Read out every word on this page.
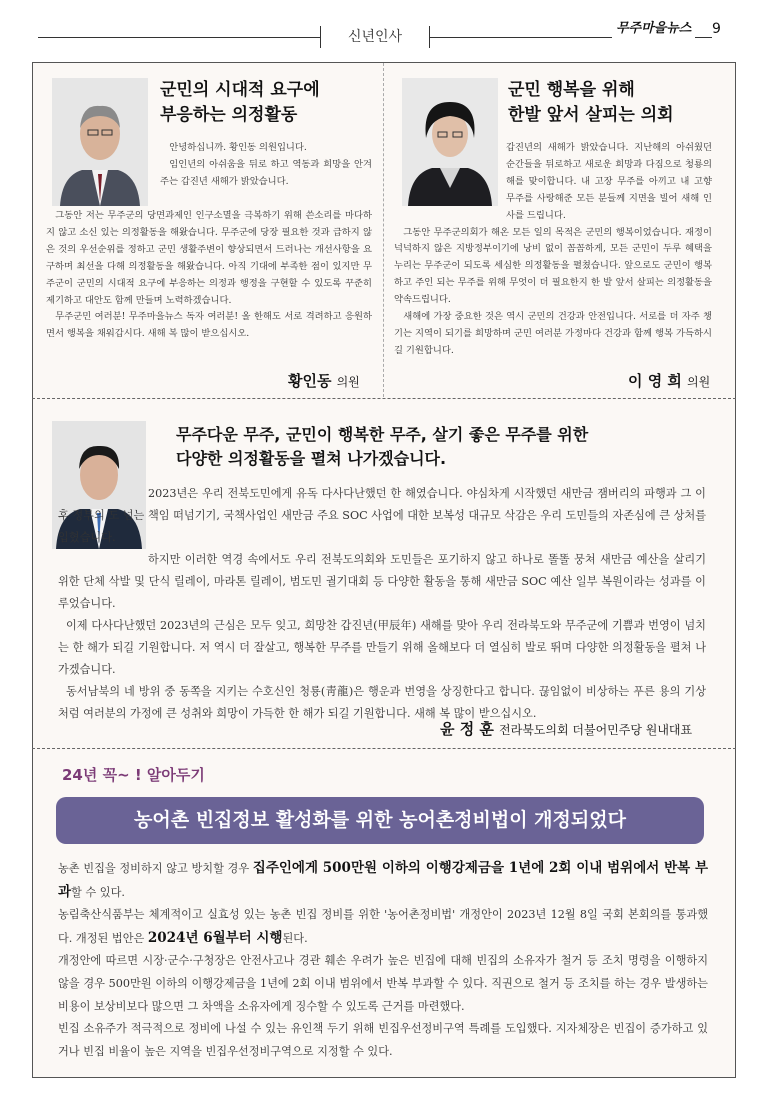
신년인사
무주마을뉴스 9
군민의 시대적 요구에
부응하는 의정활동

안녕하십니까. 황인동 의원입니다.

임인년의 아쉬움을 뒤로 하고 역동과 희망을 안겨주는 갑진년 새해가 밝았습니다.

그동안 저는 무주군의 당면과제인 인구소멸을 극복하기 위해 쓴소리를 마다하지 않고 소신 있는 의정활동을 해왔습니다. 무주군에 당장 필요한 것과 급하지 않은 것의 우선순위를 정하고 군민 생활주변이 향상되면서 드러나는 개선사항을 요구하며 최선을 다해 의정활동을 해왔습니다. 아직 기대에 부족한 점이 있지만 무주군이 군민의 시대적 요구에 부응하는 의정과 행정을 구현할 수 있도록 꾸준히 제기하고 대안도 함께 만들며 노력하겠습니다.

무주군민 여러분! 무주마을뉴스 독자 여러분! 올 한해도 서로 격려하고 응원하면서 행복을 채워갑시다. 새해 복 많이 받으십시오.

황인동 의원
군민 행복을 위해
한발 앞서 살피는 의회

갑진년의 새해가 밝았습니다. 지난해의 아쉬웠던 순간들을 뒤로하고 새로운 희망과 다짐으로 청룡의 해를 맞이합니다. 내 고장 무주를 아끼고 내 고향 무주를 사랑해준 모든 분들께 지면을 빌어 새해 인사를 드립니다.

그동안 무주군의회가 해온 모든 일의 목적은 군민의 행복이었습니다. 재정이 넉넉하지 않은 지방정부이기에 낭비 없이 꼼꼼하게, 모든 군민이 두루 혜택을 누리는 무주군이 되도록 세심한 의정활동을 펼쳤습니다. 앞으로도 군민이 행복하고 주인 되는 무주를 위해 무엇이 더 필요한지 한 발 앞서 살피는 의정활동을 약속드립니다.

새해에 가장 중요한 것은 역시 군민의 건강과 안전입니다. 서로를 더 자주 챙기는 지역이 되기를 희망하며 군민 여러분 가정마다 건강과 함께 행복 가득하시길 기원합니다.

이 영 희 의원
무주다운 무주, 군민이 행복한 무주, 살기 좋은 무주를 위한
다양한 의정활동을 펼쳐 나가겠습니다.

2023년은 우리 전북도민에게 유독 다사다난했던 한 해였습니다. 야심차게 시작했던 새만금 잼버리의 파행과 그 이후 정부의 도 넘는 책임 떠넘기기, 국책사업인 새만금 주요 SOC 사업에 대한 보복성 대규모 삭감은 우리 도민들의 자존심에 큰 상처를 입혔습니다.

하지만 이러한 역경 속에서도 우리 전북도의회와 도민들은 포기하지 않고 하나로 똘똘 뭉쳐 새만금 예산을 살리기 위한 단체 삭발 및 단식 릴레이, 마라톤 릴레이, 범도민 궐기대회 등 다양한 활동을 통해 새만금 SOC 예산 일부 복원이라는 성과를 이루었습니다.

이제 다사다난했던 2023년의 근심은 모두 잊고, 희망찬 갑진년(甲辰年) 새해를 맞아 우리 전라북도와 무주군에 기쁨과 번영이 넘치는 한 해가 되길 기원합니다. 저 역시 더 잘살고, 행복한 무주를 만들기 위해 올해보다 더 열심히 발로 뛰며 다양한 의정활동을 펼쳐 나가겠습니다.

동서남북의 네 방위 중 동쪽을 지키는 수호신인 청룡(靑龍)은 행운과 번영을 상징한다고 합니다. 끊임없이 비상하는 푸른 용의 기상처럼 여러분의 가정에 큰 성취와 희망이 가득한 한 해가 되길 기원합니다. 새해 복 많이 받으십시오.

윤 정 훈 전라북도의회 더불어민주당 원내대표
24년 꼭~ ! 알아두기
농어촌 빈집정보 활성화를 위한 농어촌정비법이 개정되었다

농촌 빈집을 정비하지 않고 방치할 경우 집주인에게 500만원 이하의 이행강제금을 1년에 2회 이내 범위에서 반복 부과할 수 있다.

농림축산식품부는 체계적이고 실효성 있는 농촌 빈집 정비를 위한 '농어촌정비법' 개정안이 2023년 12월 8일 국회 본회의를 통과했다. 개정된 법안은 2024년 6월부터 시행된다.

개정안에 따르면 시장·군수·구청장은 안전사고나 경관 훼손 우려가 높은 빈집에 대해 빈집의 소유자가 철거 등 조치 명령을 이행하지 않을 경우 500만원 이하의 이행강제금을 1년에 2회 이내 범위에서 반복 부과할 수 있다. 직권으로 철거 등 조치를 하는 경우 발생하는 비용이 보상비보다 많으면 그 차액을 소유자에게 징수할 수 있도록 근거를 마련했다.

빈집 소유주가 적극적으로 정비에 나설 수 있는 유인책 두기 위해 빈집우선정비구역 특례를 도입했다. 지자체장은 빈집이 증가하고 있거나 빈집 비율이 높은 지역을 빈집우선정비구역으로 지정할 수 있다.
